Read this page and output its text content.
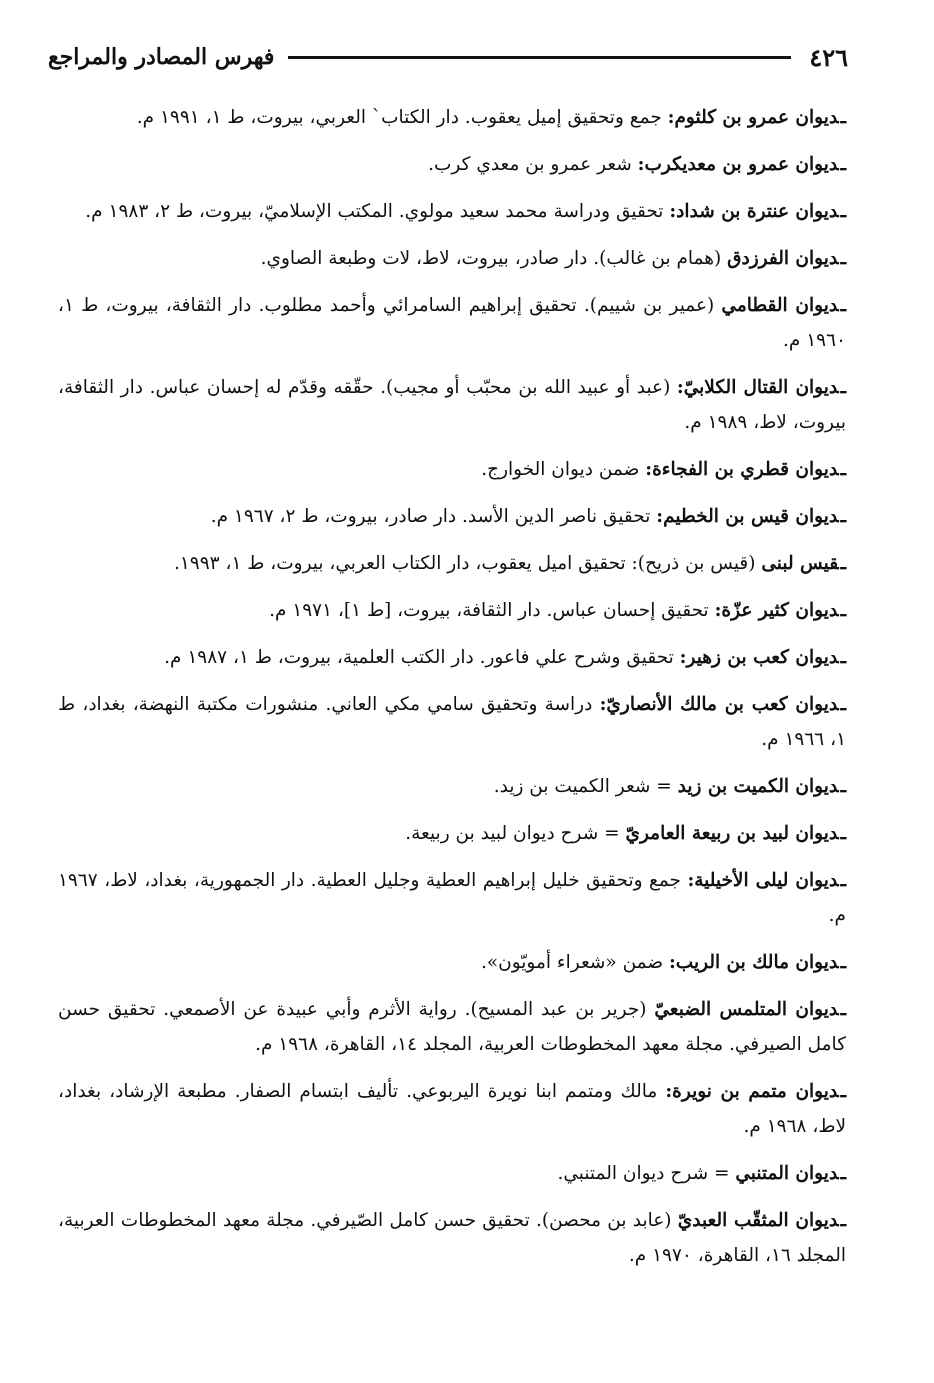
٤٢٦
فهرس المصادر والمراجع

ـديوان عمرو بن كلثوم: جمع وتحقيق إميل يعقوب. دار الكتاب` العربي، بيروت، ط ١، ١٩٩١ م.

ـديوان عمرو بن معديكرب: شعر عمرو بن معدي كرب.

ـديوان عنترة بن شداد: تحقيق ودراسة محمد سعيد مولوي. المكتب الإسلاميّ، بيروت، ط ٢، ١٩٨٣ م.

ـديوان الفرزدق (همام بن غالب). دار صادر، بيروت، لاط، لات وطبعة الصاوي.

ـديوان القطامي (عمير بن شييم). تحقيق إبراهيم السامرائي وأحمد مطلوب. دار الثقافة، بيروت، ط ١، ١٩٦٠ م.

ـديوان القتال الكلابيّ: (عبد أو عبيد الله بن محبّب أو مجيب). حقّقه وقدّم له إحسان عباس. دار الثقافة، بيروت، لاط، ١٩٨٩ م.

ـديوان قطري بن الفجاءة: ضمن ديوان الخوارج.

ـديوان قيس بن الخطيم: تحقيق ناصر الدين الأسد. دار صادر، بيروت، ط ٢، ١٩٦٧ م.

ـقيس لبنى (قيس بن ذريح): تحقيق اميل يعقوب، دار الكتاب العربي، بيروت، ط ١، ١٩٩٣.

ـديوان كثير عزّة: تحقيق إحسان عباس. دار الثقافة، بيروت، [ط ١]، ١٩٧١ م.

ـديوان كعب بن زهير: تحقيق وشرح علي فاعور. دار الكتب العلمية، بيروت، ط ١، ١٩٨٧ م.

ـديوان كعب بن مالك الأنصاريّ: دراسة وتحقيق سامي مكي العاني. منشورات مكتبة النهضة، بغداد، ط ١، ١٩٦٦ م.

ـديوان الكميت بن زيد = شعر الكميت بن زيد.

ـديوان لبيد بن ربيعة العامريّ = شرح ديوان لبيد بن ربيعة.

ـديوان ليلى الأخيلية: جمع وتحقيق خليل إبراهيم العطية وجليل العطية. دار الجمهورية، بغداد، لاط، ١٩٦٧ م.

ـديوان مالك بن الريب: ضمن «شعراء أمويّون».

ـديوان المتلمس الضبعيّ (جرير بن عبد المسيح). رواية الأثرم وأبي عبيدة عن الأصمعي. تحقيق حسن كامل الصيرفي. مجلة معهد المخطوطات العربية، المجلد ١٤، القاهرة، ١٩٦٨ م.

ـديوان متمم بن نويرة: مالك ومتمم ابنا نويرة اليربوعي. تأليف ابتسام الصفار. مطبعة الإرشاد، بغداد، لاط، ١٩٦٨ م.

ـديوان المتنبي = شرح ديوان المتنبي.

ـديوان المثقّب العبديّ (عابد بن محصن). تحقيق حسن كامل الصّيرفي. مجلة معهد المخطوطات العربية، المجلد ١٦، القاهرة، ١٩٧٠ م.
